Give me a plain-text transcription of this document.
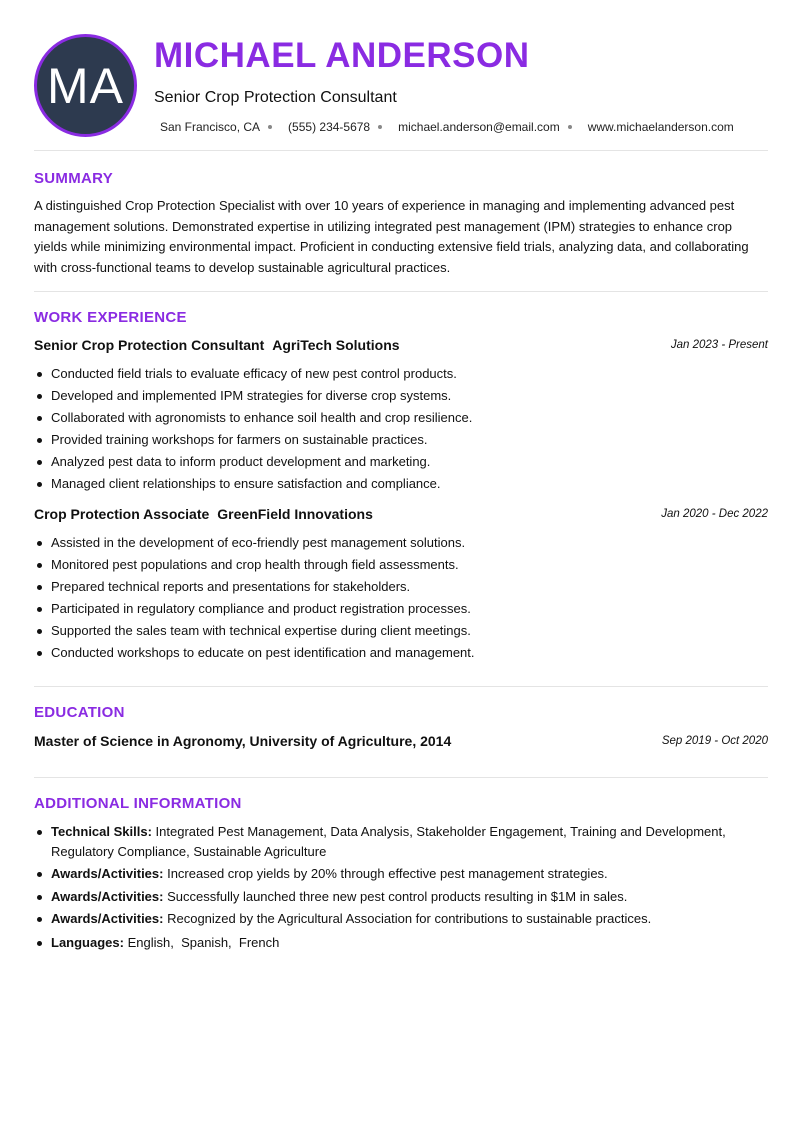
MA
MICHAEL ANDERSON
Senior Crop Protection Consultant
San Francisco, CA (555) 234-5678 michael.anderson@email.com www.michaelanderson.com
SUMMARY
A distinguished Crop Protection Specialist with over 10 years of experience in managing and implementing advanced pest management solutions. Demonstrated expertise in utilizing integrated pest management (IPM) strategies to enhance crop yields while minimizing environmental impact. Proficient in conducting extensive field trials, analyzing data, and collaborating with cross-functional teams to develop sustainable agricultural practices.
WORK EXPERIENCE
Senior Crop Protection Consultant AgriTech Solutions	Jan 2023 - Present
Conducted field trials to evaluate efficacy of new pest control products.
Developed and implemented IPM strategies for diverse crop systems.
Collaborated with agronomists to enhance soil health and crop resilience.
Provided training workshops for farmers on sustainable practices.
Analyzed pest data to inform product development and marketing.
Managed client relationships to ensure satisfaction and compliance.
Crop Protection Associate GreenField Innovations	Jan 2020 - Dec 2022
Assisted in the development of eco-friendly pest management solutions.
Monitored pest populations and crop health through field assessments.
Prepared technical reports and presentations for stakeholders.
Participated in regulatory compliance and product registration processes.
Supported the sales team with technical expertise during client meetings.
Conducted workshops to educate on pest identification and management.
EDUCATION
Master of Science in Agronomy, University of Agriculture, 2014	Sep 2019 - Oct 2020
ADDITIONAL INFORMATION
Technical Skills: Integrated Pest Management, Data Analysis, Stakeholder Engagement, Training and Development, Regulatory Compliance, Sustainable Agriculture
Awards/Activities: Increased crop yields by 20% through effective pest management strategies.
Awards/Activities: Successfully launched three new pest control products resulting in $1M in sales.
Awards/Activities: Recognized by the Agricultural Association for contributions to sustainable practices.
Languages: English,  Spanish,  French
